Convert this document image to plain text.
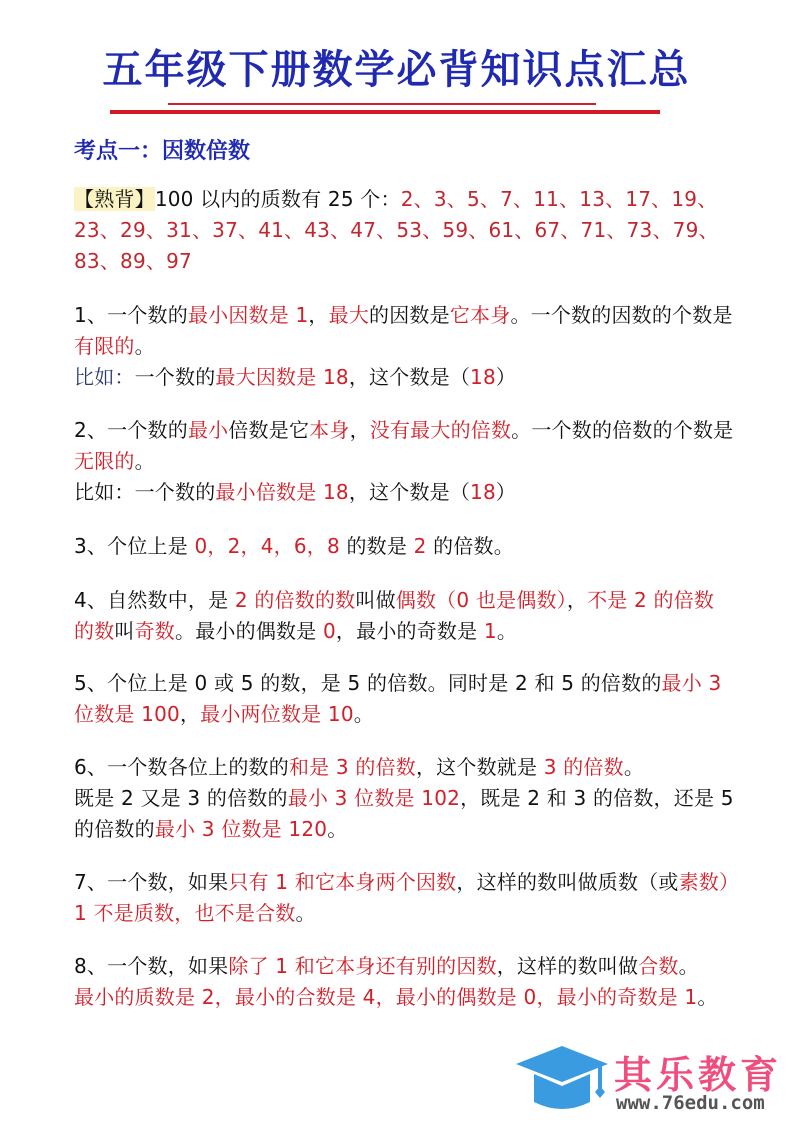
五年级下册数学必背知识点汇总
考点一：因数倍数
【熟背】100 以内的质数有 25 个：2、3、5、7、11、13、17、19、
23、29、31、37、41、43、47、53、59、61、67、71、73、79、
83、89、97
1、一个数的最小因数是 1，最大的因数是它本身。一个数的因数的个数是有限的。
比如：一个数的最大因数是 18，这个数是（18）
2、一个数的最小倍数是它本身，没有最大的倍数。一个数的倍数的个数是无限的。
比如：一个数的最小倍数是 18，这个数是（18）
3、个位上是 0，2，4，6，8 的数是 2 的倍数。
4、自然数中，是 2 的倍数的数叫做偶数（0 也是偶数），不是 2 的倍数的数叫奇数。最小的偶数是 0，最小的奇数是 1。
5、个位上是 0 或 5 的数，是 5 的倍数。同时是 2 和 5 的倍数的最小 3 位数是 100，最小两位数是 10。
6、一个数各位上的数的和是 3 的倍数，这个数就是 3 的倍数。
既是 2 又是 3 的倍数的最小 3 位数是 102，既是 2 和 3 的倍数，还是 5 的倍数的最小 3 位数是 120。
7、一个数，如果只有 1 和它本身两个因数，这样的数叫做质数（或素数）1 不是质数，也不是合数。
8、一个数，如果除了 1 和它本身还有别的因数，这样的数叫做合数。
最小的质数是 2，最小的合数是 4，最小的偶数是 0，最小的奇数是 1。
其乐教育
www.76edu.com
